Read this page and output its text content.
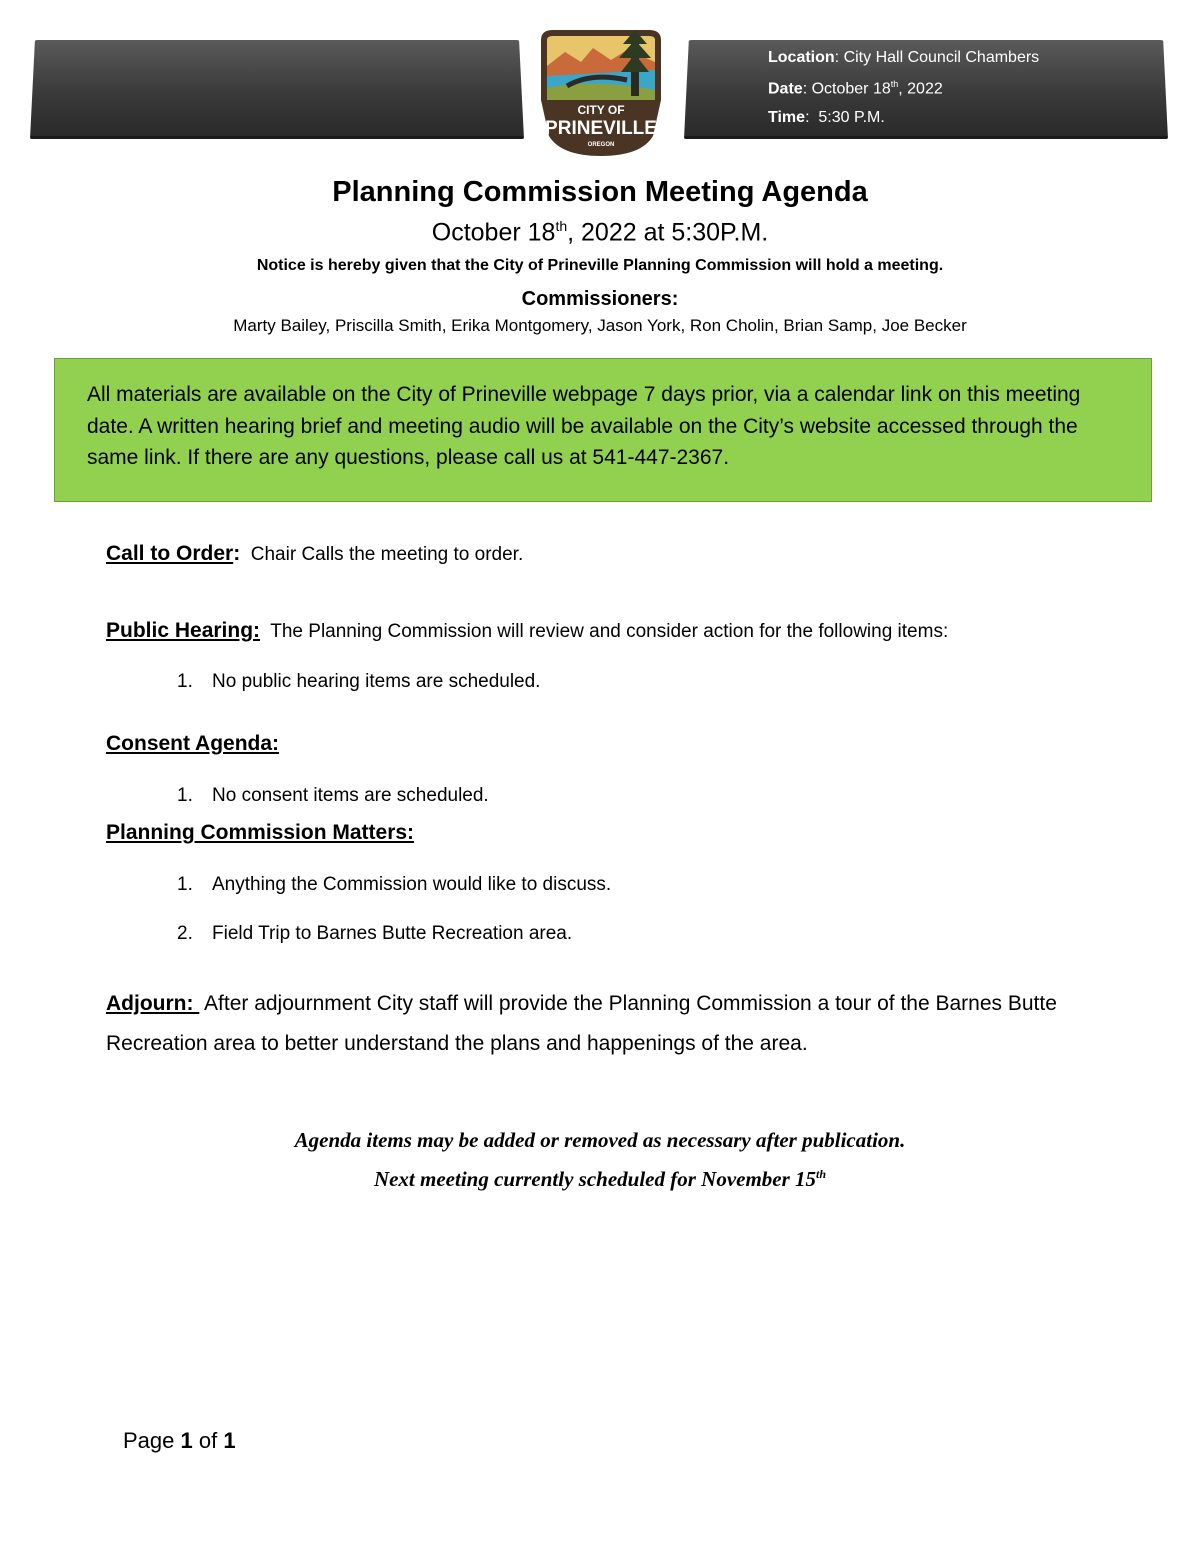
Location: City Hall Council Chambers
Date: October 18th, 2022
Time:  5:30 P.M.
CITY OF
PRINEVILLE
OREGON
Planning Commission Meeting Agenda
October 18th, 2022 at 5:30P.M.
Notice is hereby given that the City of Prineville Planning Commission will hold a meeting.
Commissioners:
Marty Bailey, Priscilla Smith, Erika Montgomery, Jason York, Ron Cholin, Brian Samp, Joe Becker
All materials are available on the City of Prineville webpage 7 days prior, via a calendar link on this meeting date. A written hearing brief and meeting audio will be available on the City’s website accessed through the same link. If there are any questions, please call us at 541-447-2367.
Call to Order: Chair Calls the meeting to order.
Public Hearing: The Planning Commission will review and consider action for the following items:
1. No public hearing items are scheduled.
Consent Agenda:
1. No consent items are scheduled.
Planning Commission Matters:
1. Anything the Commission would like to discuss.
2. Field Trip to Barnes Butte Recreation area.
Adjourn: After adjournment City staff will provide the Planning Commission a tour of the Barnes Butte Recreation area to better understand the plans and happenings of the area.
Agenda items may be added or removed as necessary after publication.
Next meeting currently scheduled for November 15th
Page 1 of 1
